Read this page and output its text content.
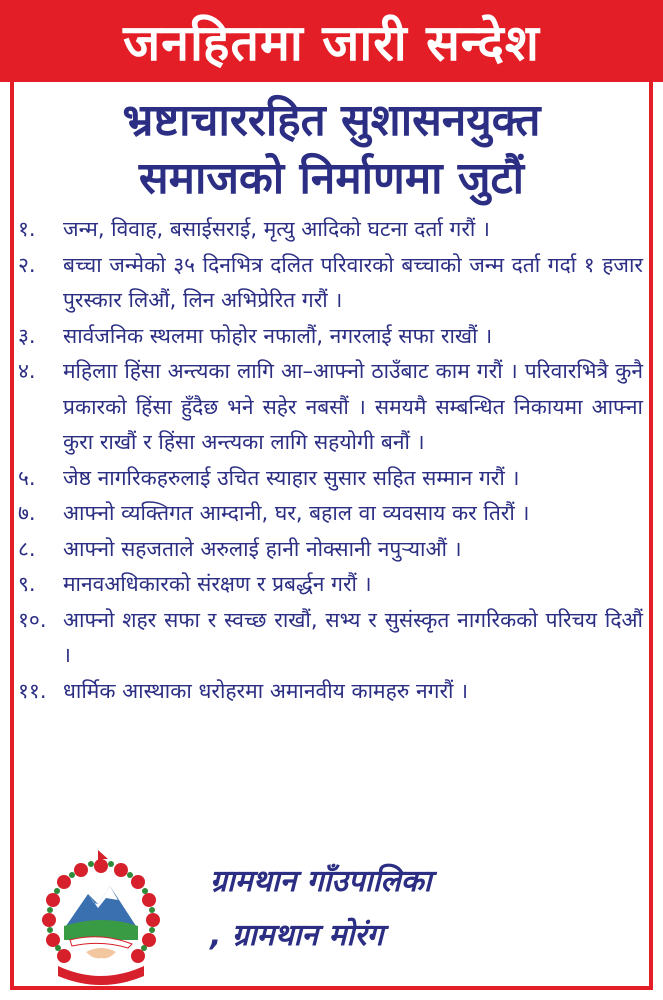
जनहितमा जारी सन्देश
भ्रष्टाचाररहित सुशासनयुक्त
समाजको निर्माणमा जुटौं
१.	जन्म, विवाह, बसाईसराई, मृत्यु आदिको घटना दर्ता गरौं ।
२.	बच्चा जन्मेको ३५ दिनभित्र दलित परिवारको बच्चाको जन्म दर्ता गर्दा १ हजार पुरस्कार लिऔं, लिन अभिप्रेरित गरौं ।
३.	सार्वजनिक स्थलमा फोहोर नफालौं, नगरलाई सफा राखौं ।
४.	महिलाा हिंसा अन्त्यका लागि आ–आफ्नो ठाउँबाट काम गरौं । परिवारभित्रै कुनै प्रकारको हिंसा हुँदैछ भने सहेर नबसौं । समयमै सम्बन्धित निकायमा आफ्ना कुरा राखौं र हिंसा अन्त्यका लागि सहयोगी बनौं ।
५.	जेष्ठ नागरिकहरुलाई उचित स्याहार सुसार सहित सम्मान गरौं ।
७.	आफ्नो व्यक्तिगत आम्दानी, घर, बहाल वा व्यवसाय कर तिरौं ।
८.	आफ्नो सहजताले अरुलाई हानी नोक्सानी नपुर्‍याऔं ।
९.	मानवअधिकारको संरक्षण र प्रबर्द्धन गरौं ।
१०. आफ्नो शहर सफा र स्वच्छ राखौं, सभ्य र सुसंस्कृत नागरिकको परिचय दिऔं ।
११. धार्मिक आस्थाका धरोहरमा अमानवीय कामहरु नगरौं ।
ग्रामथान गाँउपालिका
, ग्रामथान मोरंग
